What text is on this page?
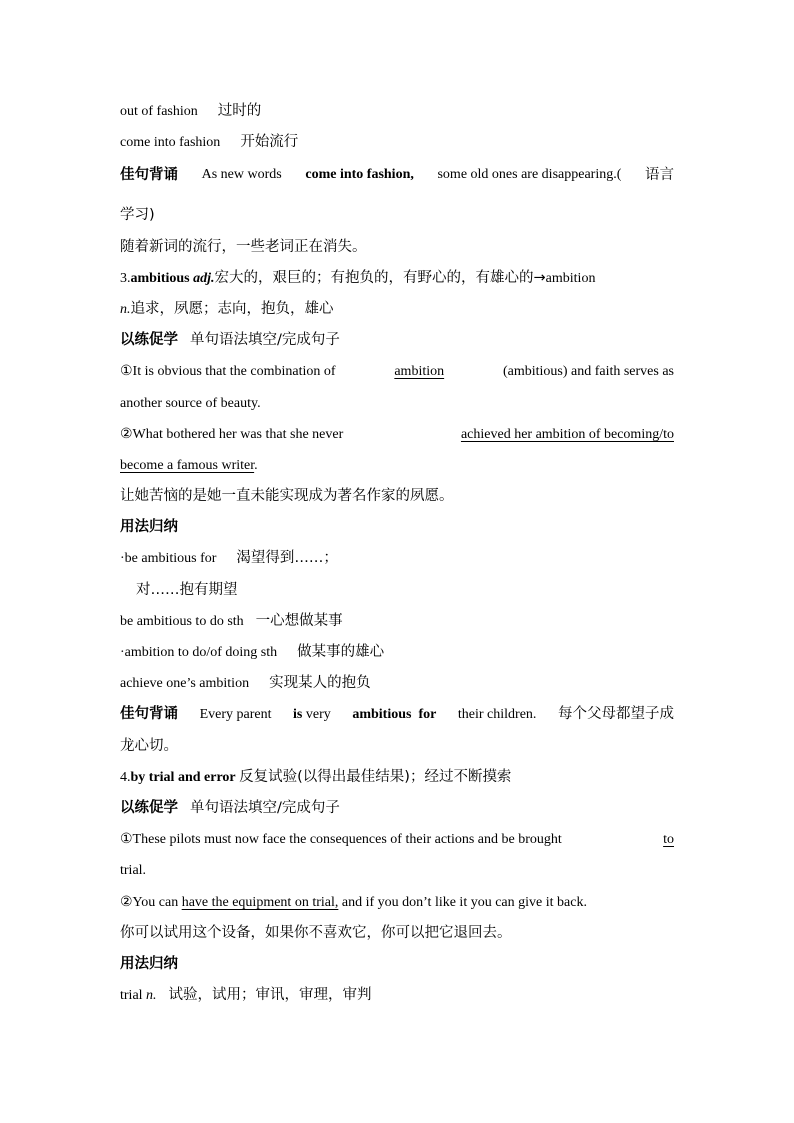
out of fashion 过时的
come into fashion 开始流行
佳句背诵 As new words come into fashion, some old ones are disappearing.( 语言
学习)
随着新词的流行，一些老词正在消失。
3.ambitious adj.宏大的，艰巨的；有抱负的，有野心的，有雄心的→ambition
n.追求，夙愿；志向，抱负，雄心
以练促学 单句语法填空/完成句子
①It is obvious that the combination of	ambition	(ambitious) and faith serves as
another source of beauty.
②What bothered her was that she never	achieved her ambition of becoming/to
become a famous writer.
让她苦恼的是她一直未能实现成为著名作家的夙愿。
用法归纳
·be ambitious for 渴望得到……；
对……抱有期望
be ambitious to do sth 一心想做某事
·ambition to do/of doing sth 做某事的雄心
achieve one’s ambition 实现某人的抱负
佳句背诵 Every parent is very ambitious  for their children. 每个父母都望子成
龙心切。
4.by trial and error 反复试验(以得出最佳结果)；经过不断摸索
以练促学 单句语法填空/完成句子
①These pilots must now face the consequences of their actions and be brought	to
trial.
②You can have the equipment on trial, and if you don’t like it you can give it back.
你可以试用这个设备，如果你不喜欢它，你可以把它退回去。
用法归纳
trial n. 试验，试用；审讯，审理，审判
